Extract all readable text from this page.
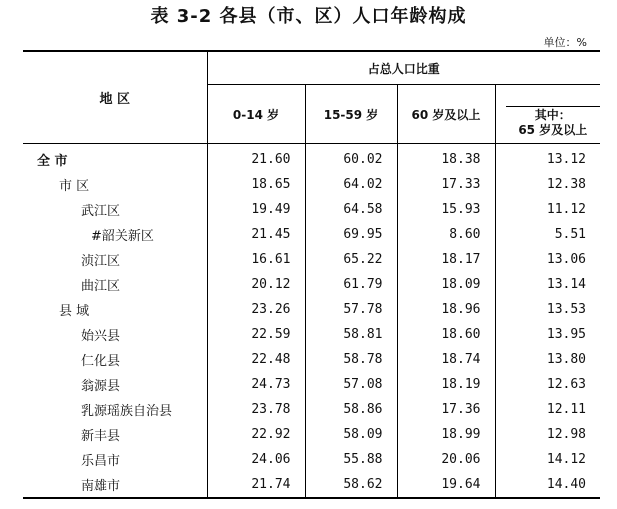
表 3-2 各县（市、区）人口年龄构成
单位：%
地 区	占总人口比重			
	0-14 岁	15-59 岁	60 岁及以上	其中：
65 岁及以上

全 市	21.60	60.02	18.38	13.12
市 区	18.65	64.02	17.33	12.38
武江区	19.49	64.58	15.93	11.12
#韶关新区	21.45	69.95	8.60	5.51
浈江区	16.61	65.22	18.17	13.06
曲江区	20.12	61.79	18.09	13.14
县 域	23.26	57.78	18.96	13.53
始兴县	22.59	58.81	18.60	13.95
仁化县	22.48	58.78	18.74	13.80
翁源县	24.73	57.08	18.19	12.63
乳源瑶族自治县	23.78	58.86	17.36	12.11
新丰县	22.92	58.09	18.99	12.98
乐昌市	24.06	55.88	20.06	14.12
南雄市	21.74	58.62	19.64	14.40
